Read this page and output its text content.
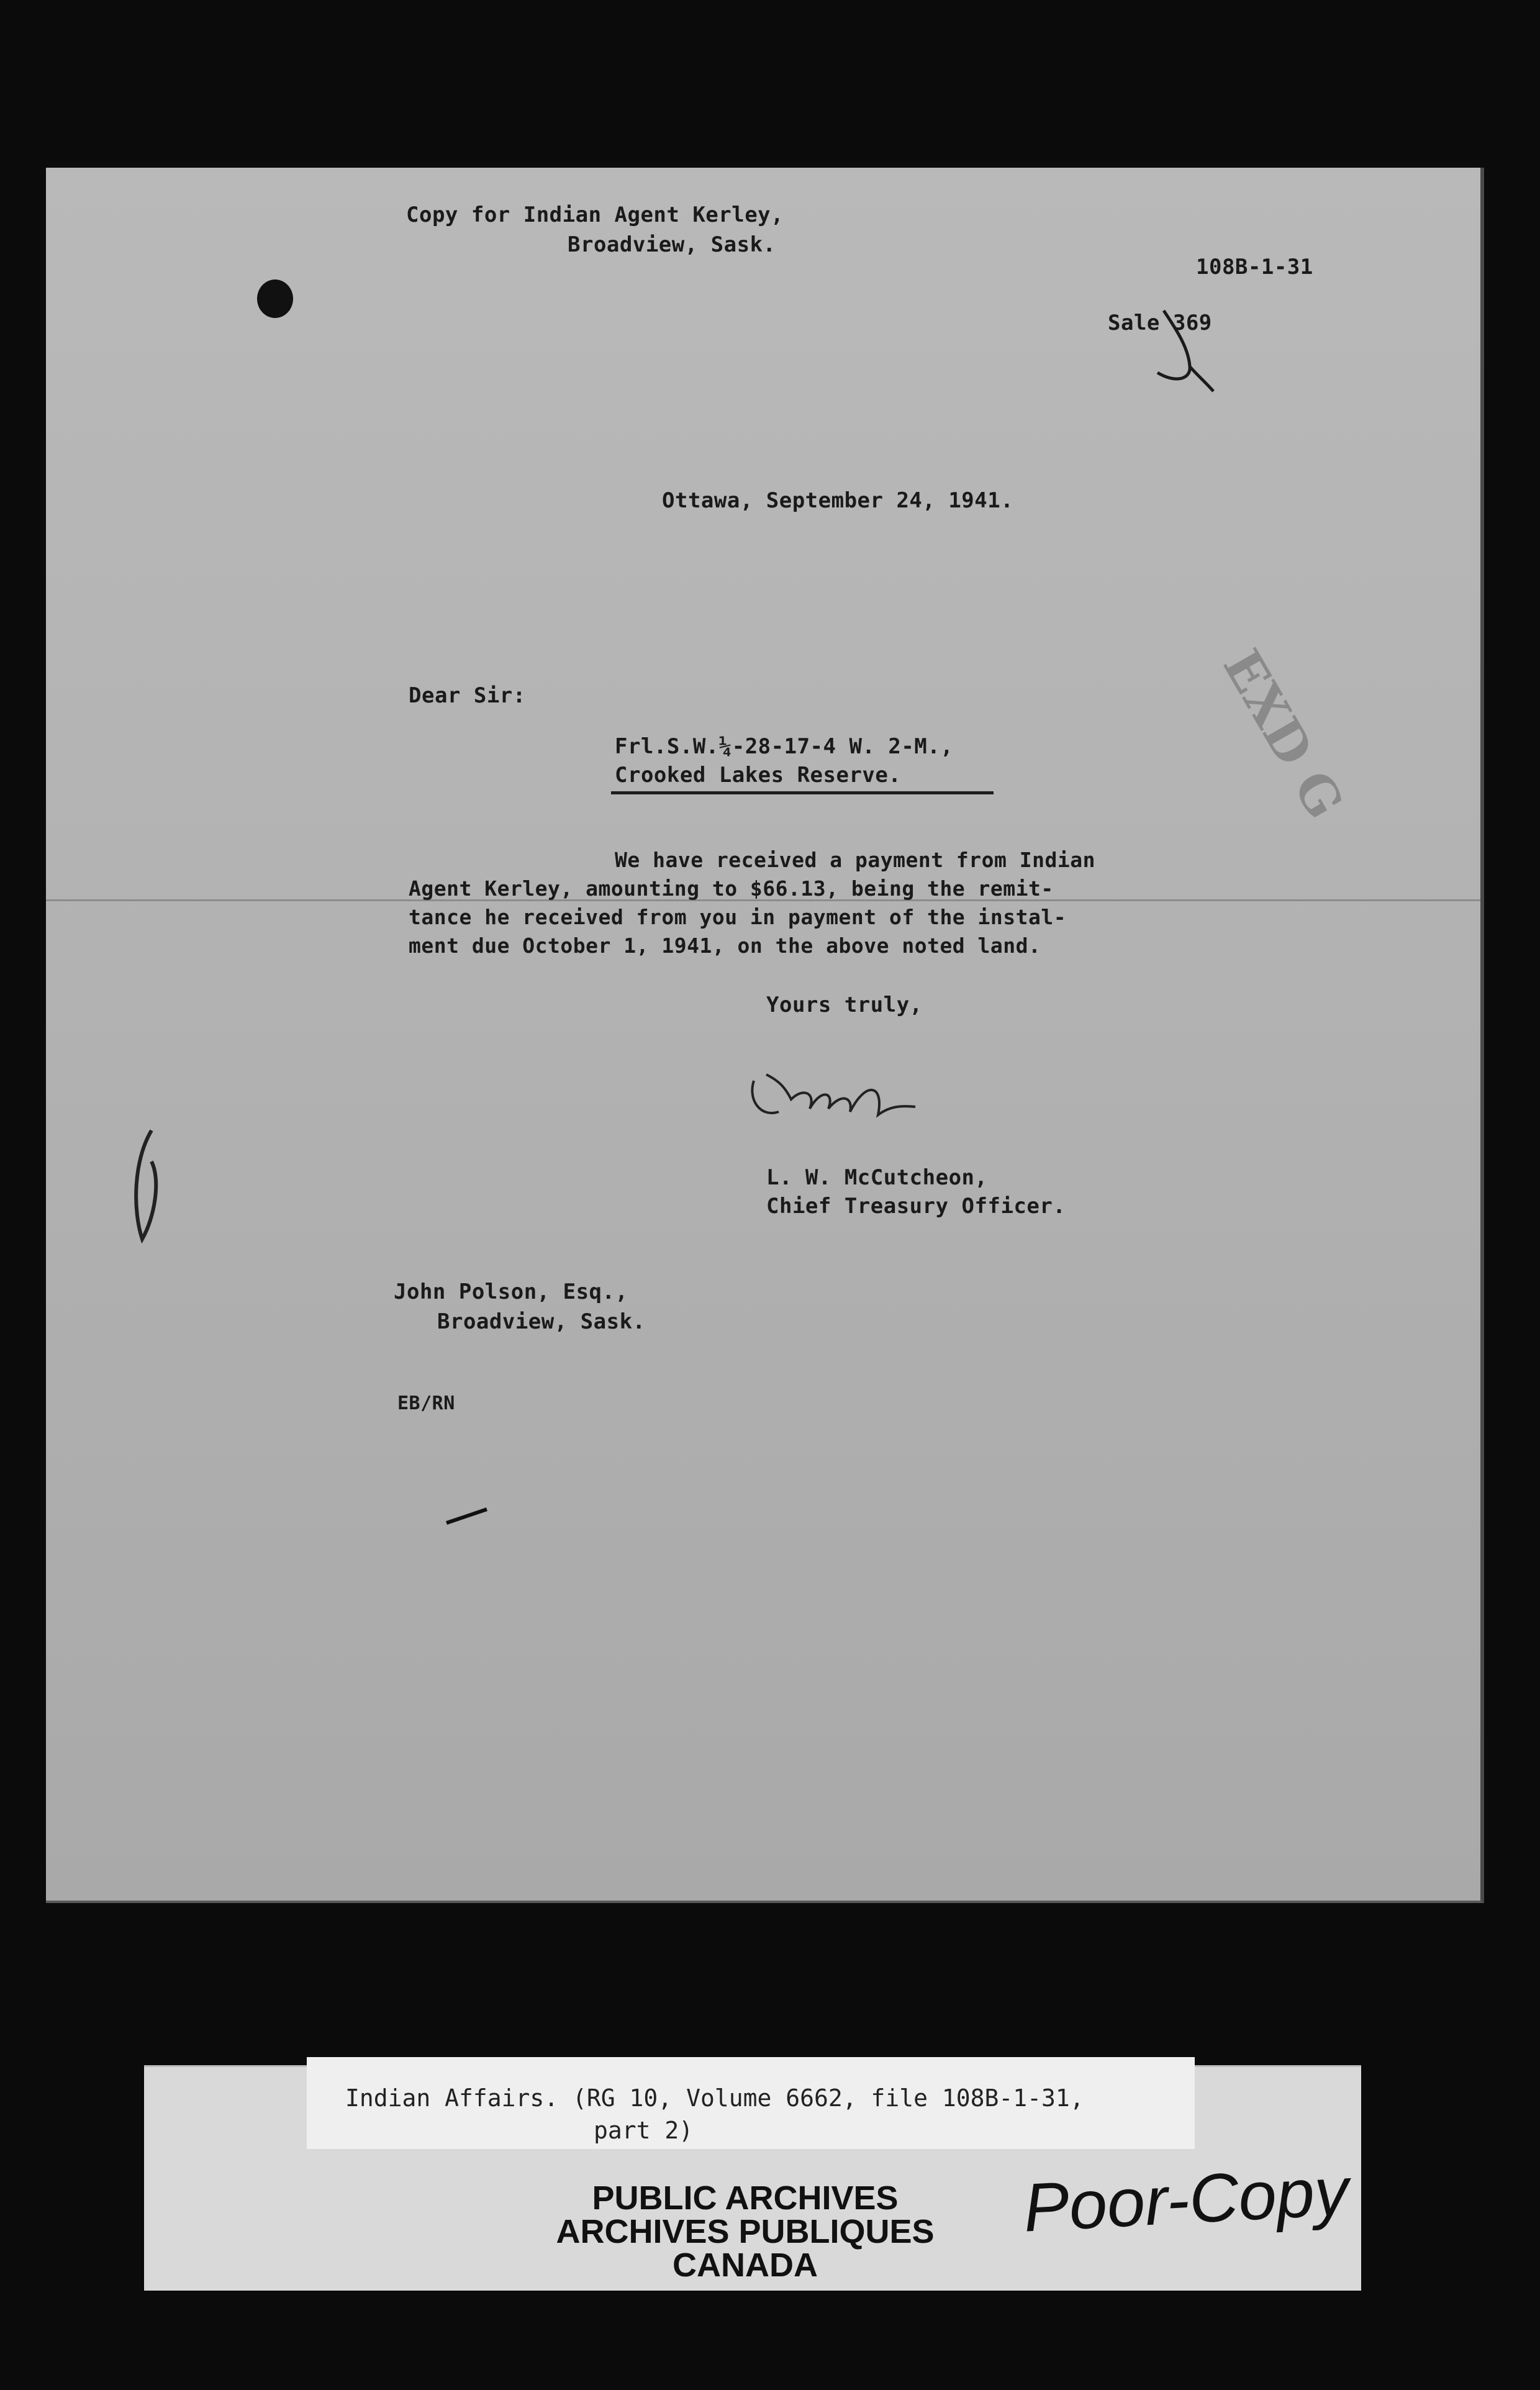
Copy for Indian Agent Kerley,
Broadview, Sask.
108B-1-31
Sale 369
EXD G
Ottawa, September 24, 1941.
Dear Sir:
Frl.S.W.¼-28-17-4 W. 2-M.,
Crooked Lakes Reserve.
We have received a payment from Indian
Agent Kerley, amounting to $66.13, being the remit-
tance he received from you in payment of the instal-
ment due October 1, 1941, on the above noted land.
Yours truly,
L. W. McCutcheon,
Chief Treasury Officer.
John Polson, Esq.,
Broadview, Sask.
EB/RN
Indian Affairs. (RG 10, Volume 6662, file 108B-1-31,
part 2)
PUBLIC ARCHIVES
ARCHIVES PUBLIQUES
CANADA
Poor-Copy
